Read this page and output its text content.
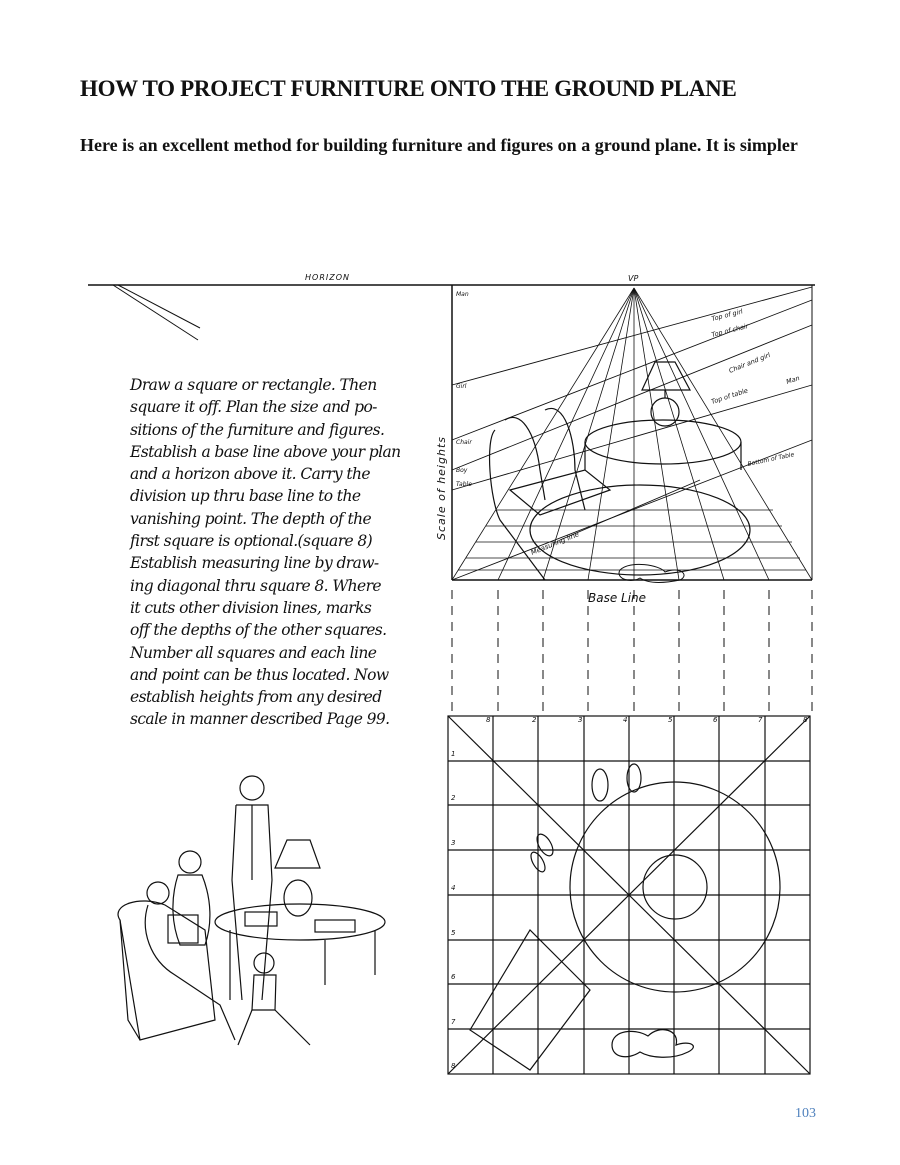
HOW TO PROJECT FURNITURE ONTO THE GROUND PLANE
Here is an excellent method for building furniture and figures on a ground plane. It is simpler
Draw a square or rectangle. Then
square it off. Plan the size and po-
sitions of the furniture and figures.
Establish a base line above your plan
and a horizon above it. Carry the
division up thru base line to the
vanishing point. The depth of the
first square is optional.(square 8)
Establish measuring line by draw-
ing diagonal thru square 8. Where
it cuts other division lines, marks
off the depths of the other squares.
Number all squares and each line
and point can be thus located. Now
establish heights from any desired
scale in manner described Page 99.
HORIZON	VP
Man
Scale of heights
Base Line
Measuring line
Top of girl
Top of chair
Chair and girl
Top of table
Man
Bottom of Table
Girl
Chair
Boy
Table
8	2	3	4	5	6	7	8
1
2
3
4
5
6
7
8
103
